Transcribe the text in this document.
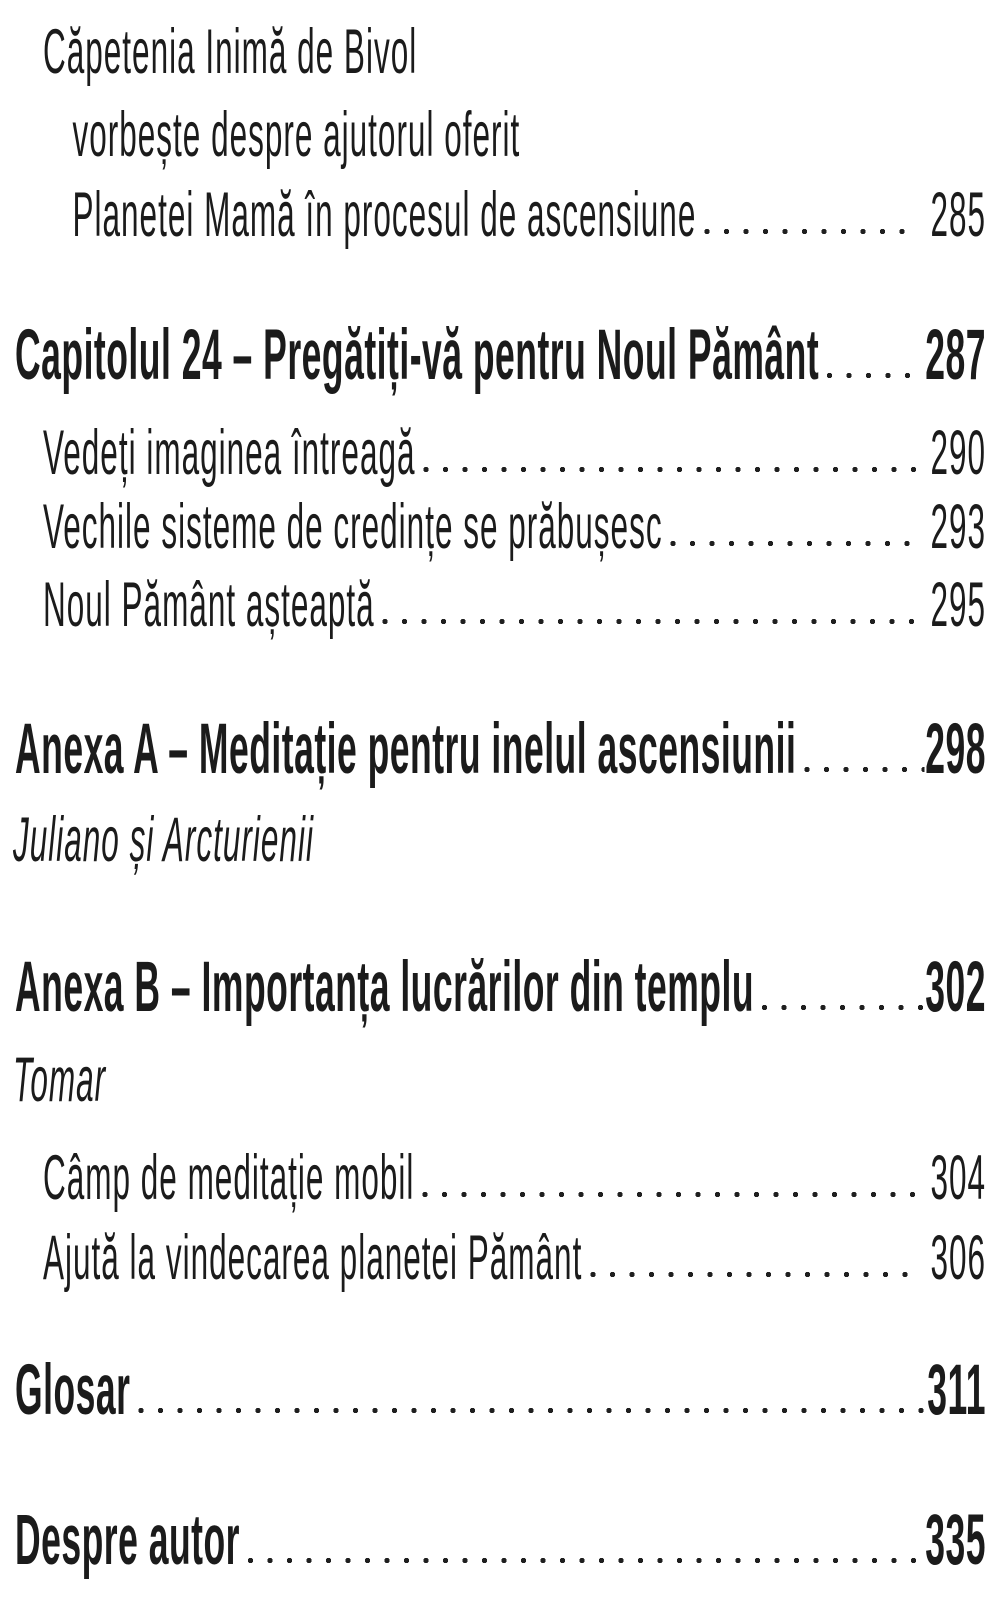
Căpetenia Inimă de Bivol
vorbește despre ajutorul oferit
Planetei Mamă în procesul de ascensiune	285
Capitolul 24 – Pregătiți-vă pentru Noul Pământ 287
Vedeți imaginea întreagă	290
Vechile sisteme de credințe se prăbușesc	293
Noul Pământ așteaptă	295
Anexa A – Meditație pentru inelul ascensiunii 298
Juliano și Arcturienii
Anexa B – Importanța lucrărilor din templu 302
Tomar
Câmp de meditație mobil	304
Ajută la vindecarea planetei Pământ	306
Glosar	311
Despre autor	335
